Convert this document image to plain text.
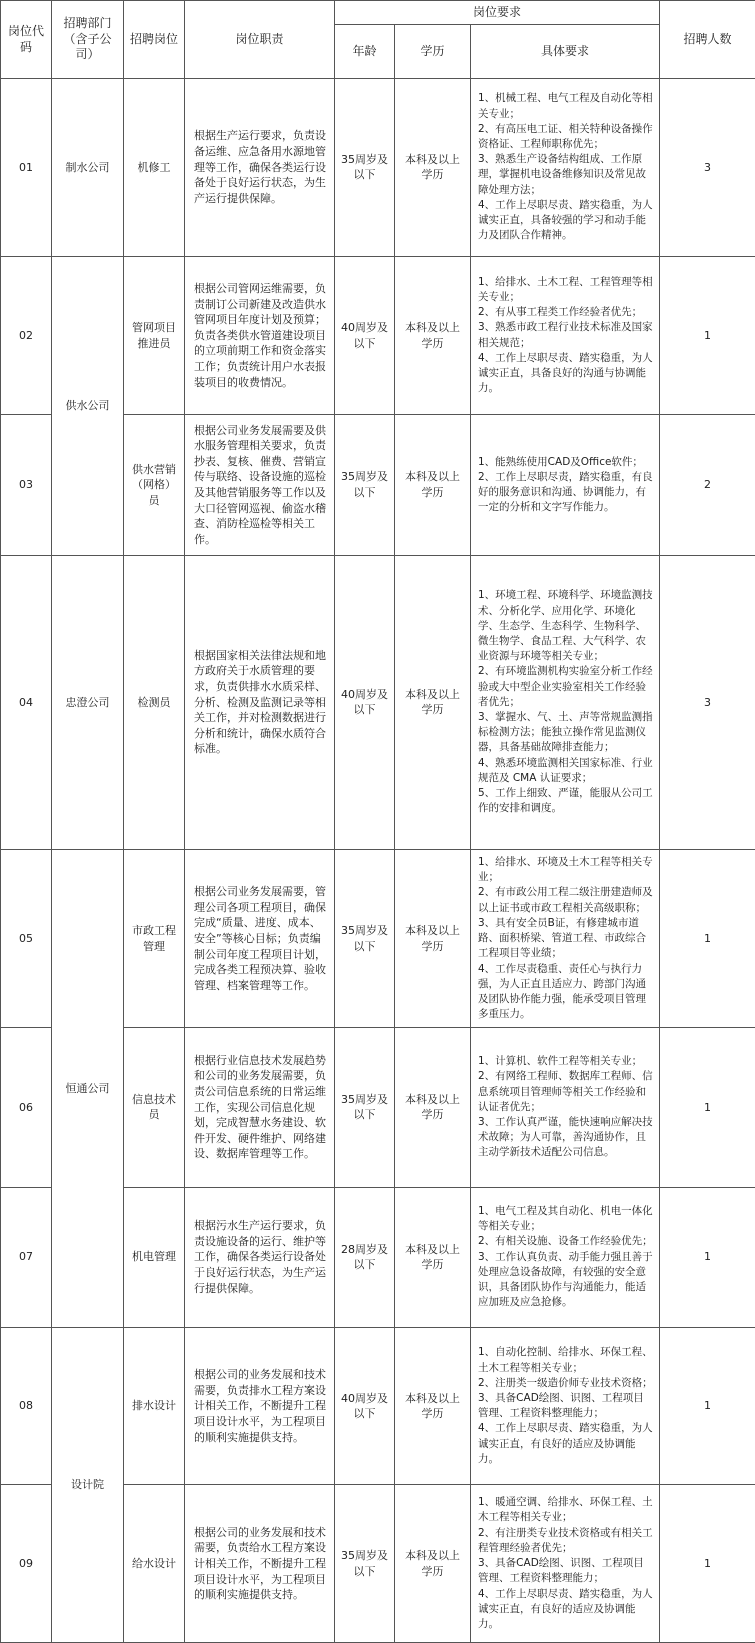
岗位代码	招聘部门（含子公司）	招聘岗位	岗位职责	岗位要求			招聘人数
				年龄	学历	具体要求	
01	制水公司	机修工	根据生产运行要求，负责设备运维、应急备用水源地管理等工作，确保各类运行设备处于良好运行状态，为生产运行提供保障。	35周岁及以下	本科及以上学历	1、机械工程、电气工程及自动化等相关专业；
2、有高压电工证、相关特种设备操作资格证、工程师职称优先；
3、熟悉生产设备结构组成、工作原理，掌握机电设备维修知识及常见故障处理方法；
4、工作上尽职尽责、踏实稳重，为人诚实正直，具备较强的学习和动手能力及团队合作精神。	3
02	供水公司	管网项目推进员	根据公司管网运维需要，负责制订公司新建及改造供水管网项目年度计划及预算；负责各类供水管道建设项目的立项前期工作和资金落实工作；负责统计用户水表报装项目的收费情况。	40周岁及以下	本科及以上学历	1、给排水、土木工程、工程管理等相关专业；
2、有从事工程类工作经验者优先；
3、熟悉市政工程行业技术标准及国家相关规范；
4、工作上尽职尽责、踏实稳重，为人诚实正直，具备良好的沟通与协调能力。	1
03		供水营销（网格）员	根据公司业务发展需要及供水服务管理相关要求，负责抄表、复核、催费、营销宣传与联络、设备设施的巡检及其他营销服务等工作以及大口径管网巡视、偷盗水稽查、消防栓巡检等相关工作。	35周岁及以下	本科及以上学历	1、能熟练使用CAD及Office软件；
2、工作上尽职尽责，踏实稳重，有良好的服务意识和沟通、协调能力，有一定的分析和文字写作能力。	2
04	忠澄公司	检测员	根据国家相关法律法规和地方政府关于水质管理的要求，负责供排水水质采样、分析、检测及监测记录等相关工作，并对检测数据进行分析和统计，确保水质符合标准。	40周岁及以下	本科及以上学历	1、环境工程、环境科学、环境监测技术、分析化学、应用化学、环境化学、生态学、生态科学、生物科学、微生物学、食品工程、大气科学、农业资源与环境等相关专业；
2、有环境监测机构实验室分析工作经验或大中型企业实验室相关工作经验者优先；
3、掌握水、气、土、声等常规监测指标检测方法；能独立操作常见监测仪器，具备基础故障排查能力；
4、熟悉环境监测相关国家标准、行业规范及 CMA 认证要求；
5、工作上细致、严谨，能服从公司工作的安排和调度。	3
05	恒通公司	市政工程管理	根据公司业务发展需要，管理公司各项工程项目，确保完成“质量、进度、成本、安全”等核心目标；负责编制公司年度工程项目计划，完成各类工程预决算、验收管理、档案管理等工作。	35周岁及以下	本科及以上学历	1、给排水、环境及土木工程等相关专业；
2、有市政公用工程二级注册建造师及以上证书或市政工程相关高级职称；
3、具有安全员B证，有修建城市道路、面积桥梁、管道工程、市政综合工程项目等业绩；
4、工作尽责稳重、责任心与执行力强，为人正直且适应力、跨部门沟通及团队协作能力强，能承受项目管理多重压力。	1
06		信息技术员	根据行业信息技术发展趋势和公司的业务发展需要，负责公司信息系统的日常运维工作，实现公司信息化规划，完成智慧水务建设、软件开发、硬件维护、网络建设、数据库管理等工作。	35周岁及以下	本科及以上学历	1、计算机、软件工程等相关专业；
2、有网络工程师、数据库工程师、信息系统项目管理师等相关工作经验和认证者优先；
3、工作认真严谨，能快速响应解决技术故障；为人可靠，善沟通协作，且主动学新技术适配公司信息。	1
07		机电管理	根据污水生产运行要求，负责设施设备的运行、维护等工作，确保各类运行设备处于良好运行状态，为生产运行提供保障。	28周岁及以下	本科及以上学历	1、电气工程及其自动化、机电一体化等相关专业；
2、有相关设施、设备工作经验优先；
3、工作认真负责、动手能力强且善于处理应急设备故障，有较强的安全意识，具备团队协作与沟通能力，能适应加班及应急抢修。	1
08	设计院	排水设计	根据公司的业务发展和技术需要，负责排水工程方案设计相关工作，不断提升工程项目设计水平，为工程项目的顺利实施提供支持。	40周岁及以下	本科及以上学历	1、自动化控制、给排水、环保工程、土木工程等相关专业；
2、注册类一级造价师专业技术资格；
3、具备CAD绘图、识图、工程项目管理、工程资料整理能力；
4、工作上尽职尽责、踏实稳重，为人诚实正直，有良好的适应及协调能力。	1
09		给水设计	根据公司的业务发展和技术需要，负责给水工程方案设计相关工作，不断提升工程项目设计水平，为工程项目的顺利实施提供支持。	35周岁及以下	本科及以上学历	1、暖通空调、给排水、环保工程、土木工程等相关专业；
2、有注册类专业技术资格或有相关工程管理经验者优先；
3、具备CAD绘图、识图、工程项目管理、工程资料整理能力；
4、工作上尽职尽责、踏实稳重，为人诚实正直，有良好的适应及协调能力。	1
